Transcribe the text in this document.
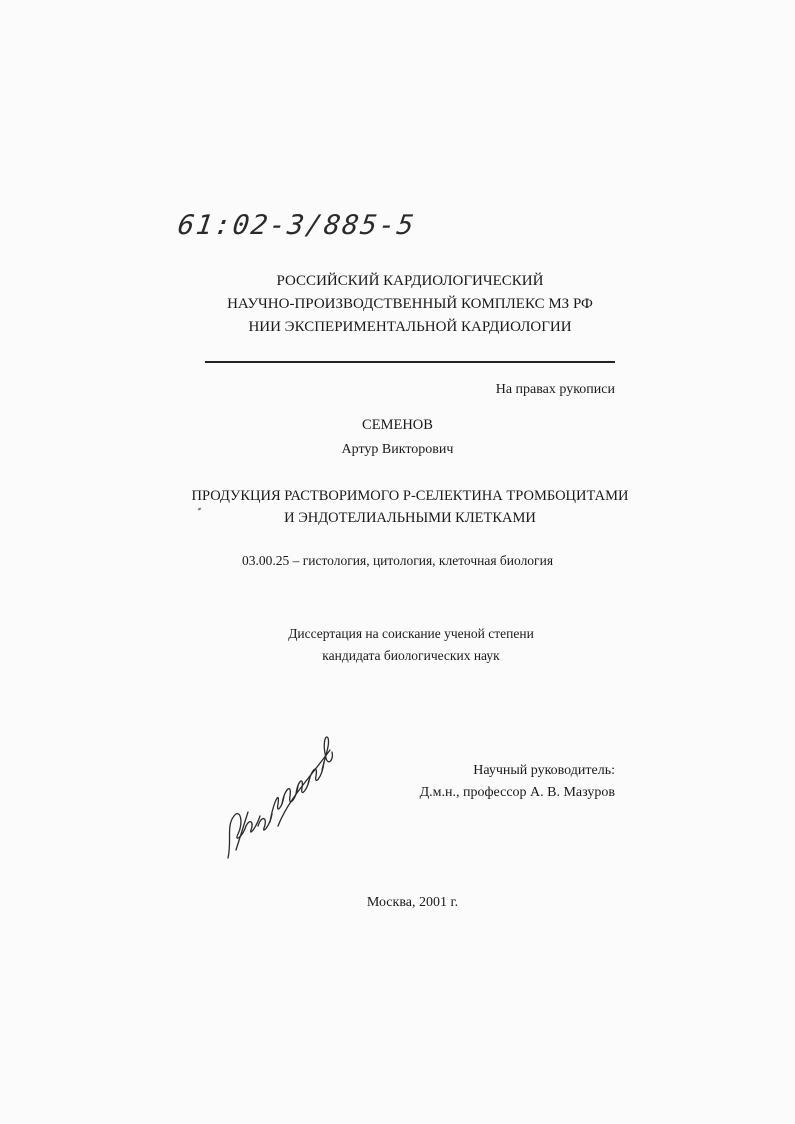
61:02-3/885-5
РОССИЙСКИЙ КАРДИОЛОГИЧЕСКИЙ
НАУЧНО-ПРОИЗВОДСТВЕННЫЙ КОМПЛЕКС МЗ РФ
НИИ ЭКСПЕРИМЕНТАЛЬНОЙ КАРДИОЛОГИИ
На правах рукописи
СЕМЕНОВ
Артур Викторович
ПРОДУКЦИЯ РАСТВОРИМОГО Р-СЕЛЕКТИНА ТРОМБОЦИТАМИ
И ЭНДОТЕЛИАЛЬНЫМИ КЛЕТКАМИ
03.00.25 – гистология, цитология, клеточная биология
Диссертация на соискание ученой степени
кандидата биологических наук
Научный руководитель:
Д.м.н., профессор А. В. Мазуров
Москва, 2001 г.
